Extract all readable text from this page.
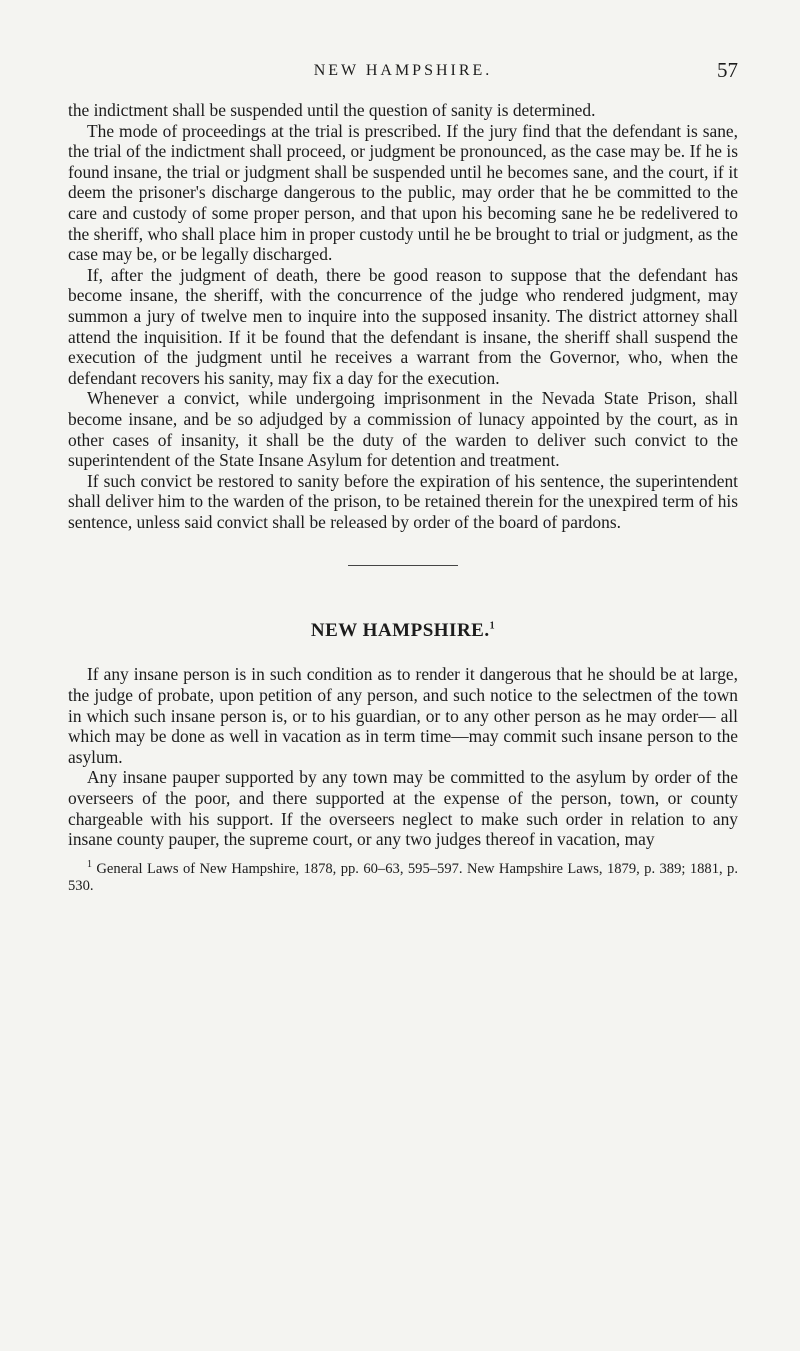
NEW HAMPSHIRE.	57

the indictment shall be suspended until the question of sanity is determined.

The mode of proceedings at the trial is prescribed. If the jury find that the defendant is sane, the trial of the indictment shall proceed, or judgment be pronounced, as the case may be. If he is found insane, the trial or judgment shall be suspended until he becomes sane, and the court, if it deem the prisoner's discharge dangerous to the public, may order that he be committed to the care and custody of some proper person, and that upon his becoming sane he be redelivered to the sheriff, who shall place him in proper custody until he be brought to trial or judgment, as the case may be, or be legally discharged.

If, after the judgment of death, there be good reason to suppose that the defendant has become insane, the sheriff, with the concurrence of the judge who rendered judgment, may summon a jury of twelve men to inquire into the supposed insanity. The district attorney shall attend the inquisition. If it be found that the defendant is insane, the sheriff shall suspend the execution of the judgment until he receives a warrant from the Governor, who, when the defendant recovers his sanity, may fix a day for the execution.

Whenever a convict, while undergoing imprisonment in the Nevada State Prison, shall become insane, and be so adjudged by a commission of lunacy appointed by the court, as in other cases of insanity, it shall be the duty of the warden to deliver such convict to the superintendent of the State Insane Asylum for detention and treatment.

If such convict be restored to sanity before the expiration of his sentence, the superintendent shall deliver him to the warden of the prison, to be retained therein for the unexpired term of his sentence, unless said convict shall be released by order of the board of pardons.

NEW HAMPSHIRE.$^1$

If any insane person is in such condition as to render it dangerous that he should be at large, the judge of probate, upon petition of any person, and such notice to the selectmen of the town in which such insane person is, or to his guardian, or to any other person as he may order— all which may be done as well in vacation as in term time—may commit such insane person to the asylum.

Any insane pauper supported by any town may be committed to the asylum by order of the overseers of the poor, and there supported at the expense of the person, town, or county chargeable with his support. If the overseers neglect to make such order in relation to any insane county pauper, the supreme court, or any two judges thereof in vacation, may

$^1$ General Laws of New Hampshire, 1878, pp. 60–63, 595–597. New Hampshire Laws, 1879, p. 389; 1881, p. 530.
